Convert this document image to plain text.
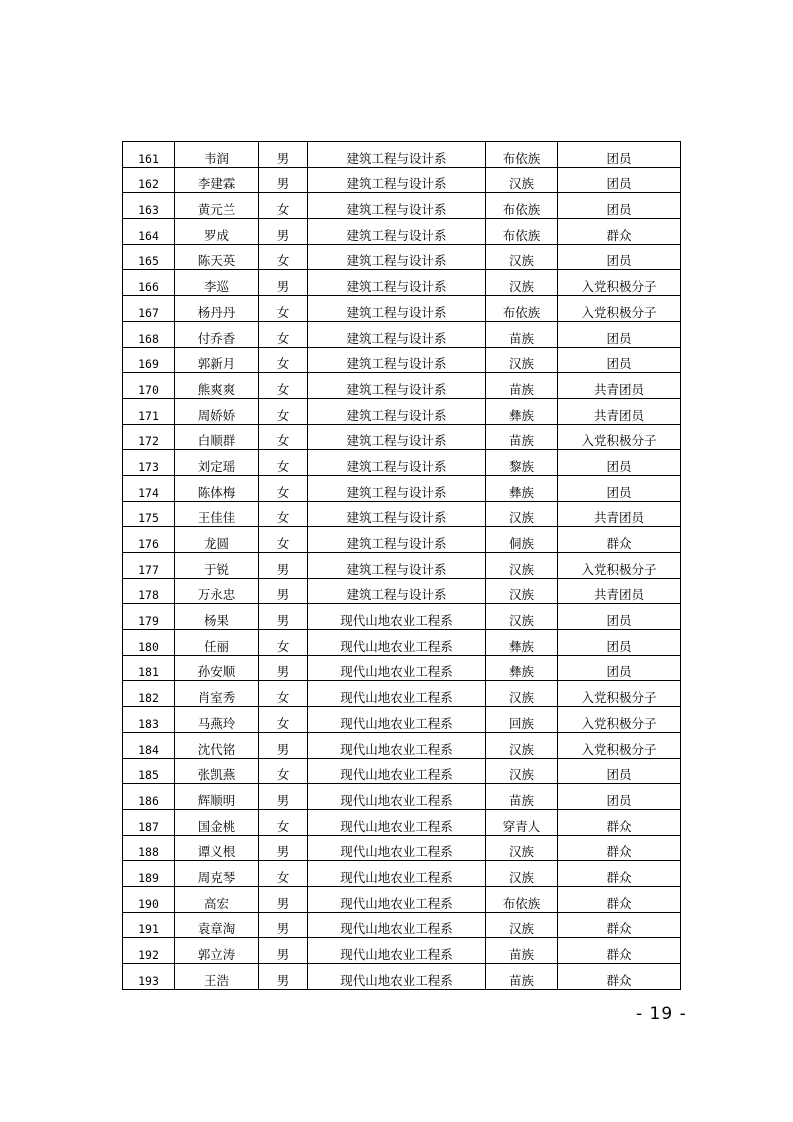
161	韦润	男	建筑工程与设计系	布依族	团员
162	李建霖	男	建筑工程与设计系	汉族	团员
163	黄元兰	女	建筑工程与设计系	布依族	团员
164	罗成	男	建筑工程与设计系	布依族	群众
165	陈天英	女	建筑工程与设计系	汉族	团员
166	李巡	男	建筑工程与设计系	汉族	入党积极分子
167	杨丹丹	女	建筑工程与设计系	布依族	入党积极分子
168	付乔香	女	建筑工程与设计系	苗族	团员
169	郭新月	女	建筑工程与设计系	汉族	团员
170	熊爽爽	女	建筑工程与设计系	苗族	共青团员
171	周娇娇	女	建筑工程与设计系	彝族	共青团员
172	白顺群	女	建筑工程与设计系	苗族	入党积极分子
173	刘定瑶	女	建筑工程与设计系	黎族	团员
174	陈体梅	女	建筑工程与设计系	彝族	团员
175	王佳佳	女	建筑工程与设计系	汉族	共青团员
176	龙圆	女	建筑工程与设计系	侗族	群众
177	于锐	男	建筑工程与设计系	汉族	入党积极分子
178	万永忠	男	建筑工程与设计系	汉族	共青团员
179	杨果	男	现代山地农业工程系	汉族	团员
180	任丽	女	现代山地农业工程系	彝族	团员
181	孙安顺	男	现代山地农业工程系	彝族	团员
182	肖室秀	女	现代山地农业工程系	汉族	入党积极分子
183	马燕玲	女	现代山地农业工程系	回族	入党积极分子
184	沈代铭	男	现代山地农业工程系	汉族	入党积极分子
185	张凯燕	女	现代山地农业工程系	汉族	团员
186	辉顺明	男	现代山地农业工程系	苗族	团员
187	国金桃	女	现代山地农业工程系	穿青人	群众
188	谭义根	男	现代山地农业工程系	汉族	群众
189	周克琴	女	现代山地农业工程系	汉族	群众
190	高宏	男	现代山地农业工程系	布依族	群众
191	袁章淘	男	现代山地农业工程系	汉族	群众
192	郭立涛	男	现代山地农业工程系	苗族	群众
193	王浩	男	现代山地农业工程系	苗族	群众
- 19 -
